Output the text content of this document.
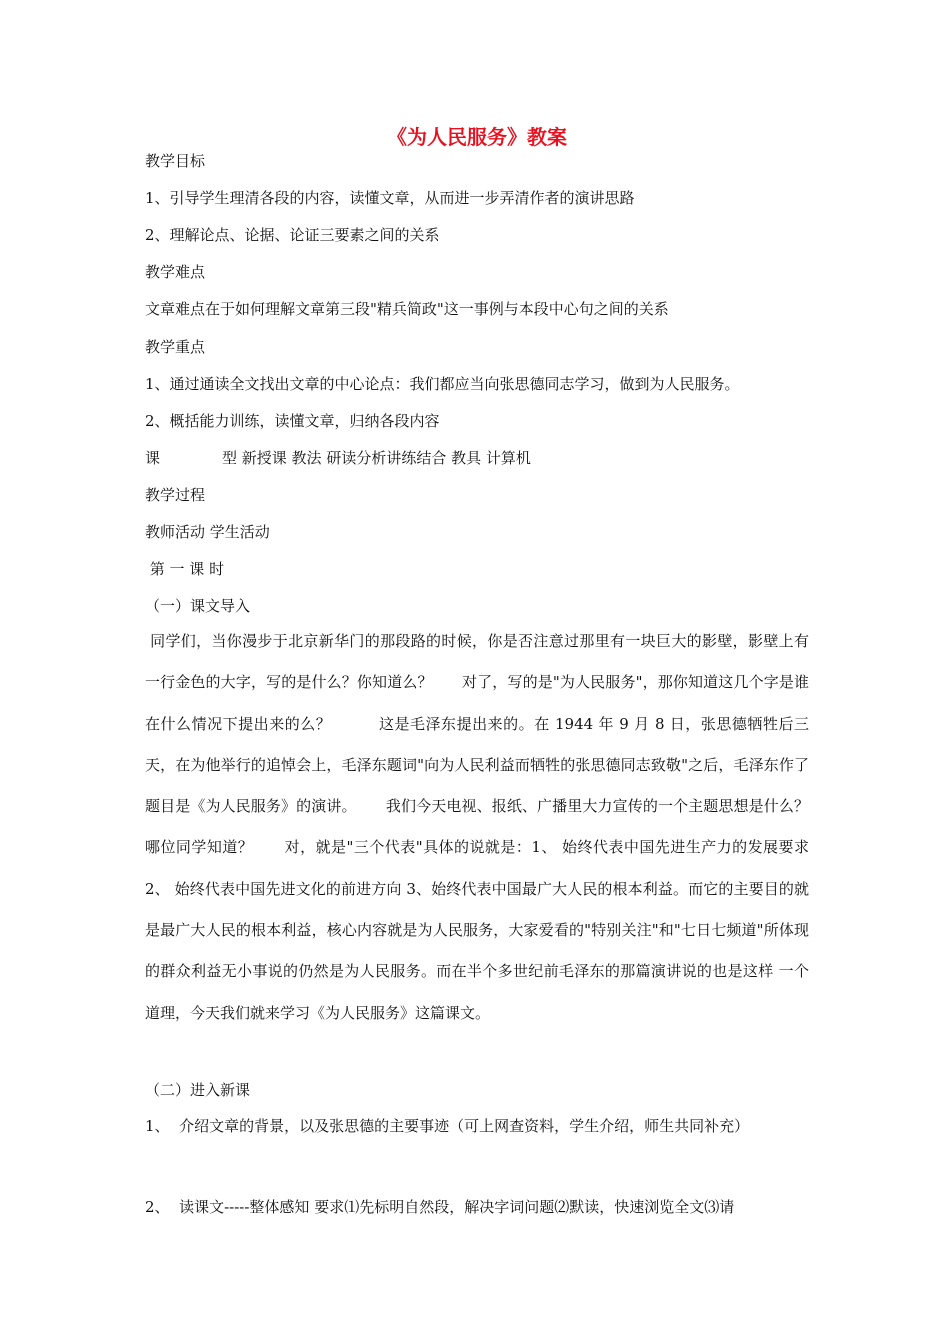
《为人民服务》教案

教学目标

1、引导学生理清各段的内容，读懂文章，从而进一步弄清作者的演讲思路

2、理解论点、论据、论证三要素之间的关系

教学难点

文章难点在于如何理解文章第三段"精兵简政"这一事例与本段中心句之间的关系

教学重点

1、通过通读全文找出文章的中心论点：我们都应当向张思德同志学习，做到为人民服务。

2、概括能力训练，读懂文章，归纳各段内容

课	型 新授课 教法 研读分析讲练结合 教具 计算机

教学过程

教师活动 学生活动

第 一 课 时

（一）课文导入

同学们，当你漫步于北京新华门的那段路的时候，你是否注意过那里有一块巨大的影壁，影壁上有一行金色的大字，写的是什么？你知道么？      对了，写的是"为人民服务"，那你知道这几个字是谁在什么情况下提出来的么？         这是毛泽东提出来的。在 1944 年 9 月 8 日，张思德牺牲后三天，在为他举行的追悼会上，毛泽东题词"向为人民利益而牺牲的张思德同志致敬"之后，毛泽东作了题目是《为人民服务》的演讲。      我们今天电视、报纸、广播里大力宣传的一个主题思想是什么？哪位同学知道？      对，就是"三个代表"具体的说就是：1、 始终代表中国先进生产力的发展要求 2、 始终代表中国先进文化的前进方向 3、始终代表中国最广大人民的根本利益。而它的主要目的就是最广大人民的根本利益，核心内容就是为人民服务，大家爱看的"特别关注"和"七日七频道"所体现的群众利益无小事说的仍然是为人民服务。而在半个多世纪前毛泽东的那篇演讲说的也是这样 一个道理，今天我们就来学习《为人民服务》这篇课文。

（二）进入新课

1、  介绍文章的背景，以及张思德的主要事迹（可上网查资料，学生介绍，师生共同补充）

2、  读课文-----整体感知 要求⑴先标明自然段，解决字词问题⑵默读，快速浏览全文⑶请
